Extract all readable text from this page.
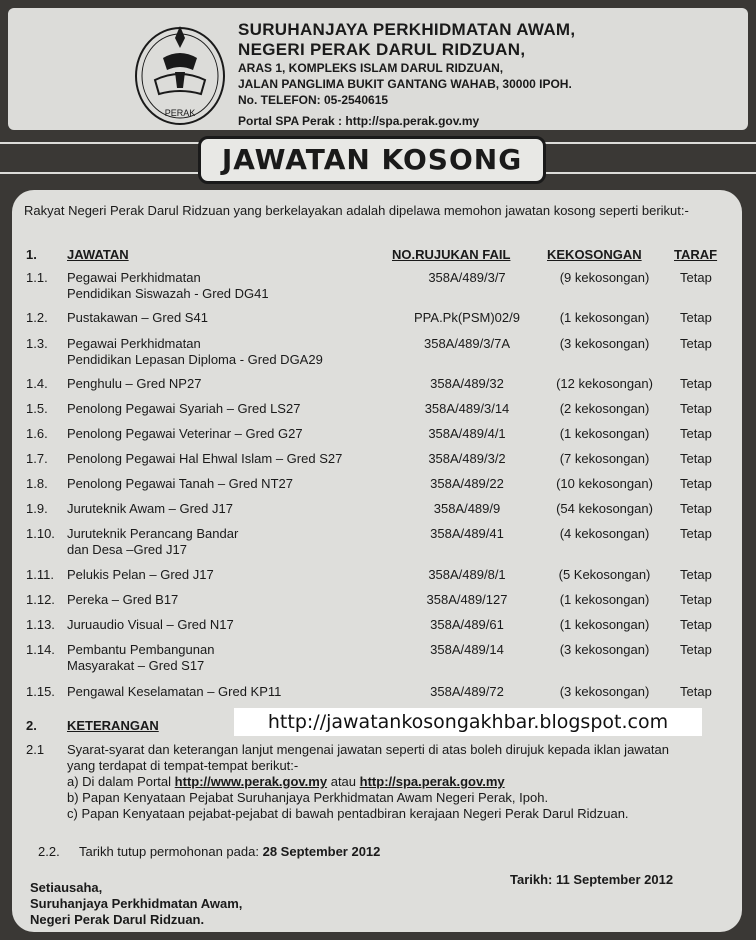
PERAK
SURUHANJAYA PERKHIDMATAN AWAM,
NEGERI PERAK DARUL RIDZUAN,
ARAS 1, KOMPLEKS ISLAM DARUL RIDZUAN,
JALAN PANGLIMA BUKIT GANTANG WAHAB, 30000 IPOH.
No. TELEFON: 05-2540615
Portal SPA Perak : http://spa.perak.gov.my
JAWATAN KOSONG
Rakyat Negeri Perak Darul Ridzuan yang berkelayakan adalah dipelawa memohon jawatan kosong seperti berikut:-
1. JAWATAN	NO.RUJUKAN FAIL	KEKOSONGAN TARAF
1.1. Pegawai Perkhidmatan
Pendidikan Siswazah - Gred DG41
358A/489/3/7	(9 kekosongan)	Tetap
1.2. Pustakawan – Gred S41	PPA.Pk(PSM)02/9	(1 kekosongan)	Tetap
1.3. Pegawai Perkhidmatan
Pendidikan Lepasan Diploma - Gred DGA29
358A/489/3/7A	(3 kekosongan)	Tetap
1.4. Penghulu – Gred NP27	358A/489/32	(12 kekosongan)	Tetap
1.5. Penolong Pegawai Syariah – Gred LS27	358A/489/3/14	(2 kekosongan)	Tetap
1.6. Penolong Pegawai Veterinar – Gred G27	358A/489/4/1	(1 kekosongan)	Tetap
1.7. Penolong Pegawai Hal Ehwal Islam – Gred S27	358A/489/3/2	(7 kekosongan)	Tetap
1.8. Penolong Pegawai Tanah – Gred NT27	358A/489/22	(10 kekosongan)	Tetap
1.9. Juruteknik Awam – Gred J17	358A/489/9	(54 kekosongan)	Tetap
1.10. Juruteknik Perancang Bandar
dan Desa –Gred J17
358A/489/41	(4 kekosongan)	Tetap
1.11. Pelukis Pelan – Gred J17	358A/489/8/1	(5 Kekosongan)	Tetap
1.12. Pereka – Gred B17	358A/489/127	(1 kekosongan)	Tetap
1.13. Juruaudio Visual – Gred N17	358A/489/61	(1 kekosongan)	Tetap
1.14. Pembantu Pembangunan
Masyarakat – Gred S17
358A/489/14	(3 kekosongan)	Tetap
1.15. Pengawal Keselamatan – Gred KP11	358A/489/72	(3 kekosongan)	Tetap
2. KETERANGAN	http://jawatankosongakhbar.blogspot.com
2.1 Syarat-syarat dan keterangan lanjut mengenai jawatan seperti di atas boleh dirujuk kepada iklan jawatan
yang terdapat di tempat-tempat berikut:-
a) Di dalam Portal http://www.perak.gov.my atau http://spa.perak.gov.my
b) Papan Kenyataan Pejabat Suruhanjaya Perkhidmatan Awam Negeri Perak, Ipoh.
c) Papan Kenyataan pejabat-pejabat di bawah pentadbiran kerajaan Negeri Perak Darul Ridzuan.
2.2. Tarikh tutup permohonan pada: 28 September 2012
Setiausaha,
Suruhanjaya Perkhidmatan Awam,
Negeri Perak Darul Ridzuan.
Tarikh: 11 September 2012
